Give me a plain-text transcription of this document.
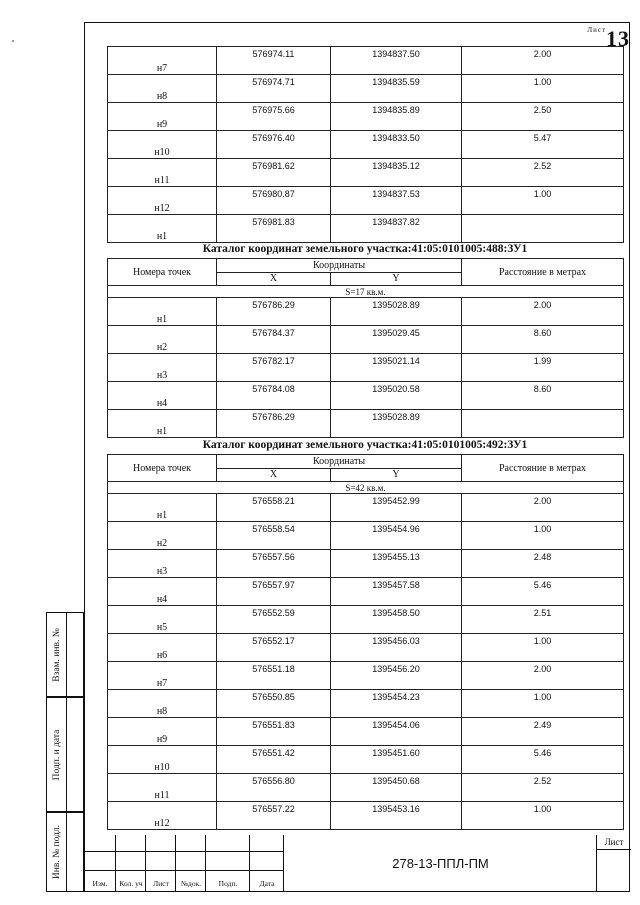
$^{Лист}$13
н7	576974.11	1394837.50	2.00
н8	576974.71	1394835.59	1.00
н9	576975.66	1394835.89	2.50
н10	576976.40	1394833.50	5.47
н11	576981.62	1394835.12	2.52
н12	576980.87	1394837.53	1.00
н1	576981.83	1394837.82	
Каталог координат земельного участка:41:05:0101005:488:ЗУ1
Номера точек	Координаты		Расстояние в метрах
	X	Y	
S=17 кв.м.			
н1	576786.29	1395028.89	2.00
н2	576784.37	1395029.45	8.60
н3	576782.17	1395021.14	1.99
н4	576784.08	1395020.58	8.60
н1	576786.29	1395028.89	
Каталог координат земельного участка:41:05:0101005:492:ЗУ1
Номера точек	Координаты		Расстояние в метрах
	X	Y	
S=42 кв.м.			
н1	576558.21	1395452.99	2.00
н2	576558.54	1395454.96	1.00
н3	576557.56	1395455.13	2.48
н4	576557.97	1395457.58	5.46
н5	576552.59	1395458.50	2.51
н6	576552.17	1395456.03	1.00
н7	576551.18	1395456.20	2.00
н8	576550.85	1395454.23	1.00
н9	576551.83	1395454.06	2.49
н10	576551.42	1395451.60	5.46
н11	576556.80	1395450.68	2.52
н12	576557.22	1395453.16	1.00
Взам. инв. №
Подп. и дата
Инв. № подл.
Изм.	Кол. уч	Лист	№док.	Подп.	Дата
278-13-ППЛ-ПМ
Лист
